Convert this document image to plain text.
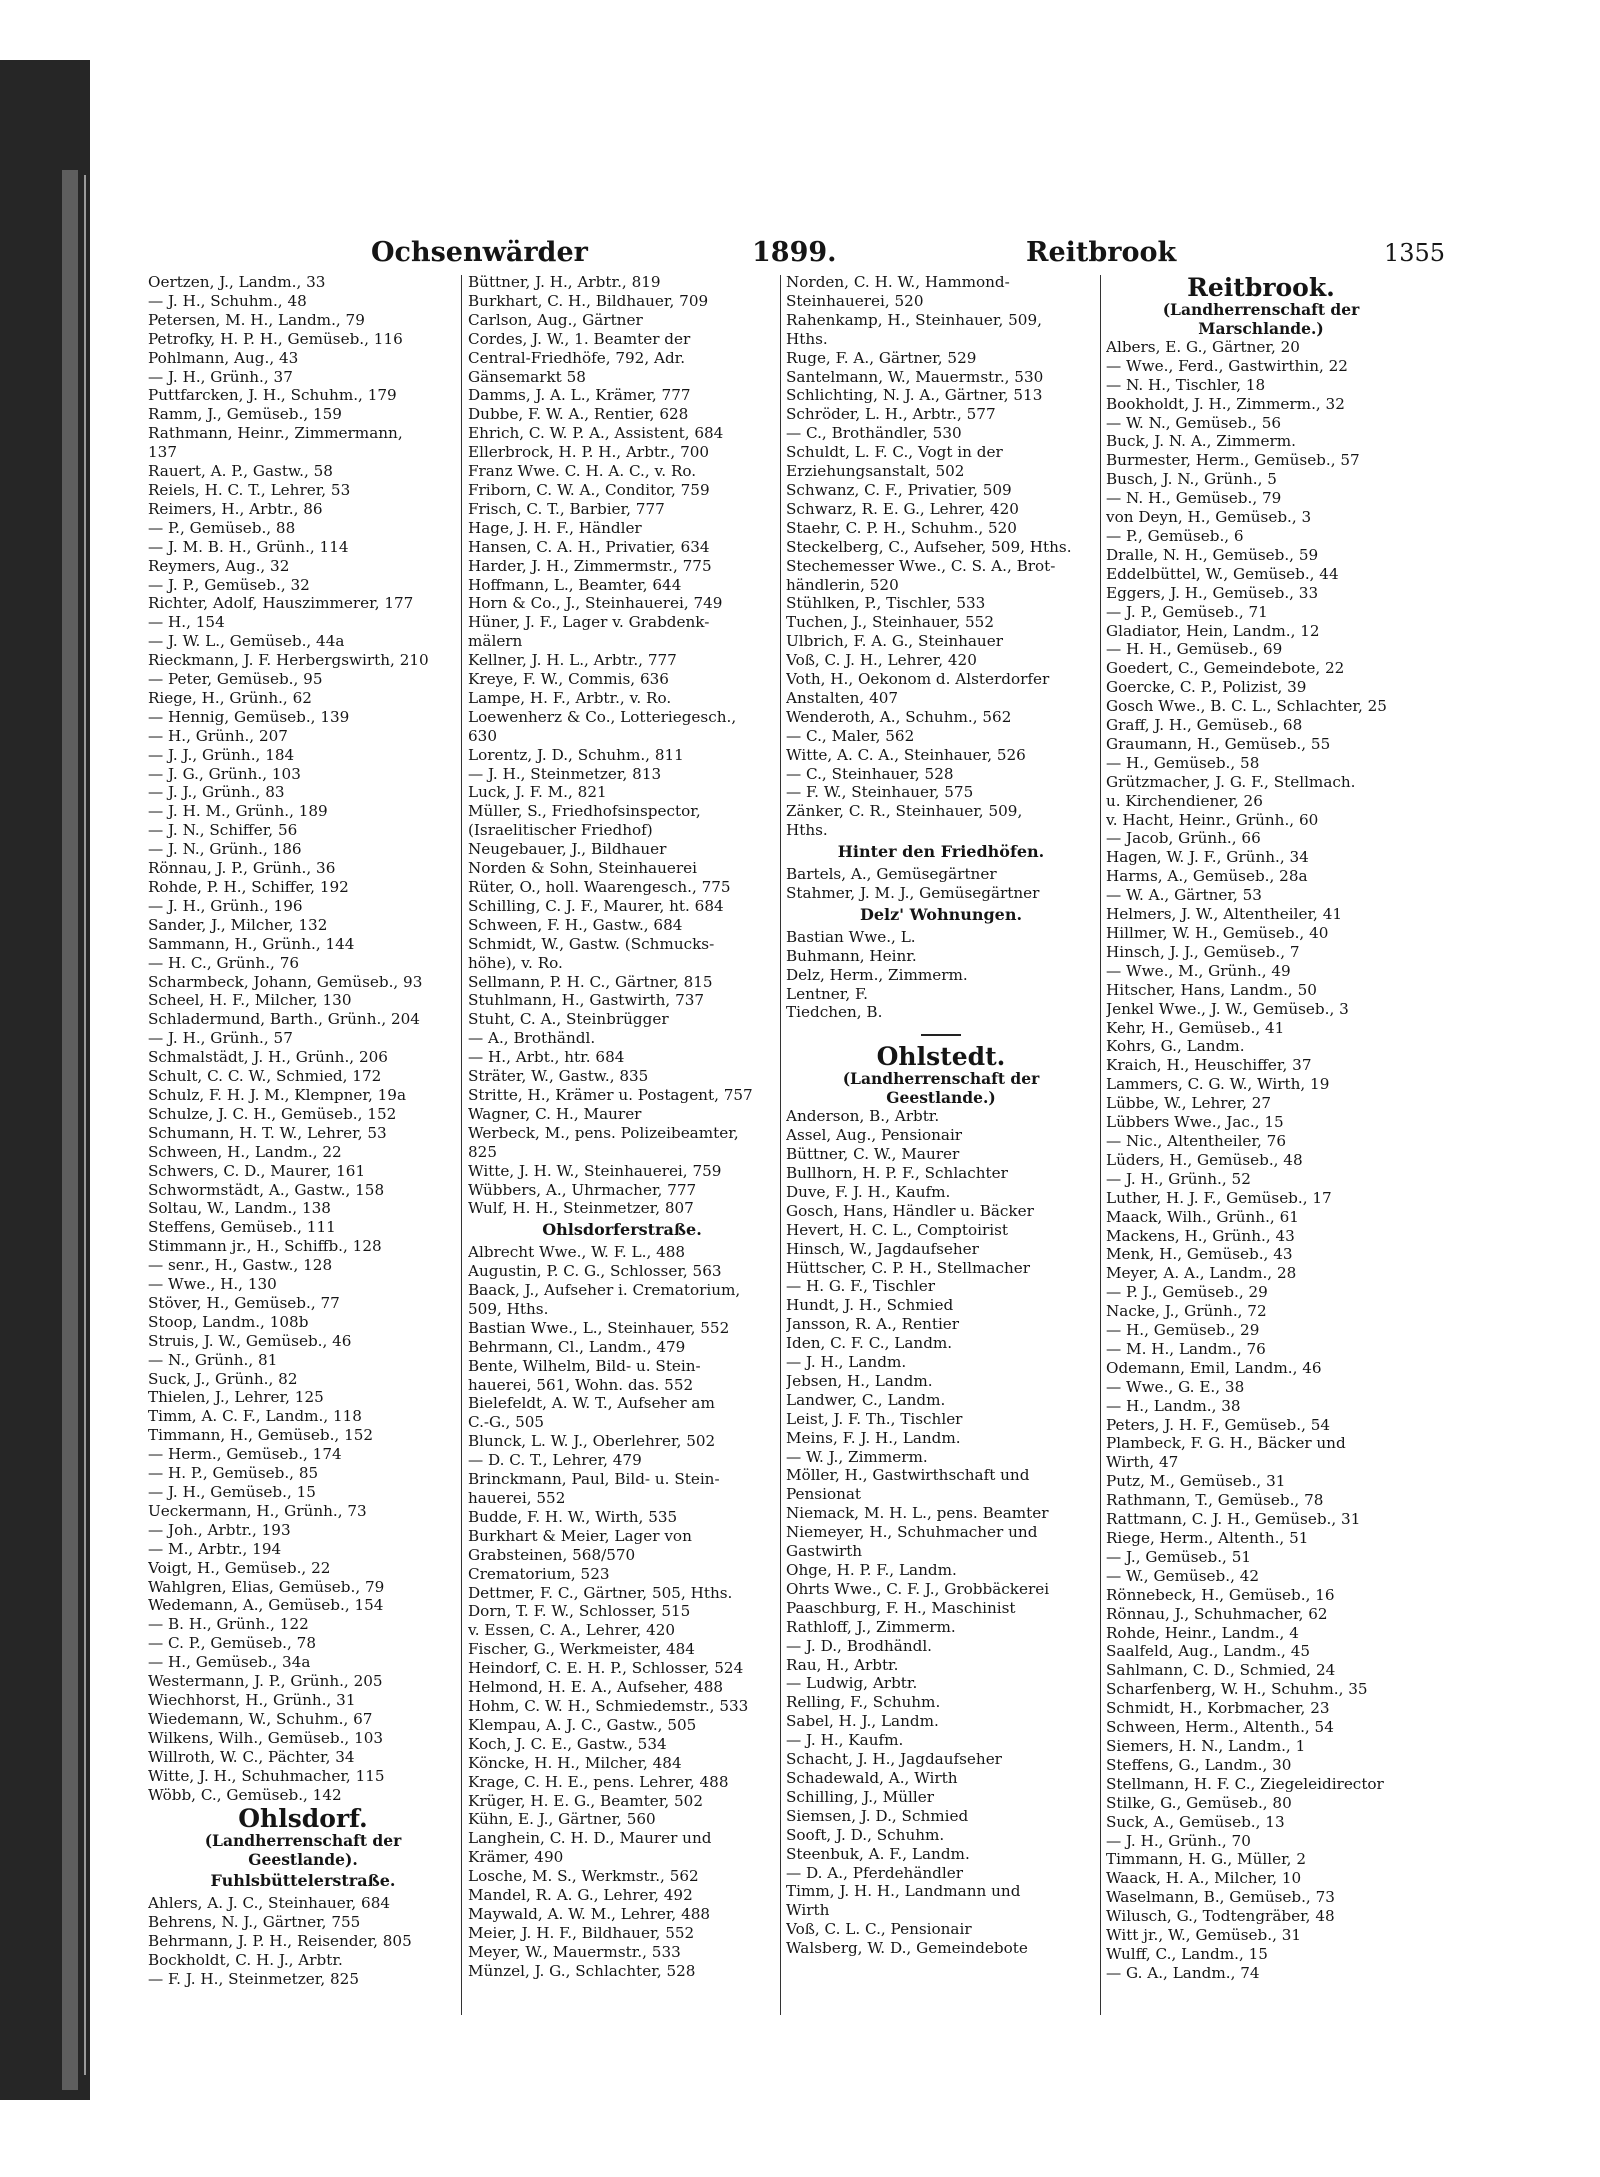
Ochsenwärder	1899.	Reitbrook	1355
Oertzen, J., Landm., 33
— J. H., Schuhm., 48
Petersen, M. H., Landm., 79
Petrofky, H. P. H., Gemüseb., 116
Pohlmann, Aug., 43
— J. H., Grünh., 37
Puttfarcken, J. H., Schuhm., 179
Ramm, J., Gemüseb., 159
Rathmann, Heinr., Zimmermann,
137
Rauert, A. P., Gastw., 58
Reiels, H. C. T., Lehrer, 53
Reimers, H., Arbtr., 86
— P., Gemüseb., 88
— J. M. B. H., Grünh., 114
Reymers, Aug., 32
— J. P., Gemüseb., 32
Richter, Adolf, Hauszimmerer, 177
— H., 154
— J. W. L., Gemüseb., 44a
Rieckmann, J. F. Herbergswirth, 210
— Peter, Gemüseb., 95
Riege, H., Grünh., 62
— Hennig, Gemüseb., 139
— H., Grünh., 207
— J. J., Grünh., 184
— J. G., Grünh., 103
— J. J., Grünh., 83
— J. H. M., Grünh., 189
— J. N., Schiffer, 56
— J. N., Grünh., 186
Rönnau, J. P., Grünh., 36
Rohde, P. H., Schiffer, 192
— J. H., Grünh., 196
Sander, J., Milcher, 132
Sammann, H., Grünh., 144
— H. C., Grünh., 76
Scharmbeck, Johann, Gemüseb., 93
Scheel, H. F., Milcher, 130
Schladermund, Barth., Grünh., 204
— J. H., Grünh., 57
Schmalstädt, J. H., Grünh., 206
Schult, C. C. W., Schmied, 172
Schulz, F. H. J. M., Klempner, 19a
Schulze, J. C. H., Gemüseb., 152
Schumann, H. T. W., Lehrer, 53
Schween, H., Landm., 22
Schwers, C. D., Maurer, 161
Schwormstädt, A., Gastw., 158
Soltau, W., Landm., 138
Steffens, Gemüseb., 111
Stimmann jr., H., Schiffb., 128
— senr., H., Gastw., 128
— Wwe., H., 130
Stöver, H., Gemüseb., 77
Stoop, Landm., 108b
Struis, J. W., Gemüseb., 46
— N., Grünh., 81
Suck, J., Grünh., 82
Thielen, J., Lehrer, 125
Timm, A. C. F., Landm., 118
Timmann, H., Gemüseb., 152
— Herm., Gemüseb., 174
— H. P., Gemüseb., 85
— J. H., Gemüseb., 15
Ueckermann, H., Grünh., 73
— Joh., Arbtr., 193
— M., Arbtr., 194
Voigt, H., Gemüseb., 22
Wahlgren, Elias, Gemüseb., 79
Wedemann, A., Gemüseb., 154
— B. H., Grünh., 122
— C. P., Gemüseb., 78
— H., Gemüseb., 34a
Westermann, J. P., Grünh., 205
Wiechhorst, H., Grünh., 31
Wiedemann, W., Schuhm., 67
Wilkens, Wilh., Gemüseb., 103
Willroth, W. C., Pächter, 34
Witte, J. H., Schuhmacher, 115
Wöbb, C., Gemüseb., 142
Ohlsdorf.
(Landherrenschaft der
Geestlande).
Fuhlsbüttelerstraße.
Ahlers, A. J. C., Steinhauer, 684
Behrens, N. J., Gärtner, 755
Behrmann, J. P. H., Reisender, 805
Bockholdt, C. H. J., Arbtr.
— F. J. H., Steinmetzer, 825
Büttner, J. H., Arbtr., 819
Burkhart, C. H., Bildhauer, 709
Carlson, Aug., Gärtner
Cordes, J. W., 1. Beamter der
Central-Friedhöfe, 792, Adr.
Gänsemarkt 58
Damms, J. A. L., Krämer, 777
Dubbe, F. W. A., Rentier, 628
Ehrich, C. W. P. A., Assistent, 684
Ellerbrock, H. P. H., Arbtr., 700
Franz Wwe. C. H. A. C., v. Ro.
Friborn, C. W. A., Conditor, 759
Frisch, C. T., Barbier, 777
Hage, J. H. F., Händler
Hansen, C. A. H., Privatier, 634
Harder, J. H., Zimmermstr., 775
Hoffmann, L., Beamter, 644
Horn & Co., J., Steinhauerei, 749
Hüner, J. F., Lager v. Grabdenk-
mälern
Kellner, J. H. L., Arbtr., 777
Kreye, F. W., Commis, 636
Lampe, H. F., Arbtr., v. Ro.
Loewenherz & Co., Lotteriegesch.,
630
Lorentz, J. D., Schuhm., 811
— J. H., Steinmetzer, 813
Luck, J. F. M., 821
Müller, S., Friedhofsinspector,
(Israelitischer Friedhof)
Neugebauer, J., Bildhauer
Norden & Sohn, Steinhauerei
Rüter, O., holl. Waarengesch., 775
Schilling, C. J. F., Maurer, ht. 684
Schween, F. H., Gastw., 684
Schmidt, W., Gastw. (Schmucks-
höhe), v. Ro.
Sellmann, P. H. C., Gärtner, 815
Stuhlmann, H., Gastwirth, 737
Stuht, C. A., Steinbrügger
— A., Brothändl.
— H., Arbt., htr. 684
Sträter, W., Gastw., 835
Stritte, H., Krämer u. Postagent, 757
Wagner, C. H., Maurer
Werbeck, M., pens. Polizeibeamter,
825
Witte, J. H. W., Steinhauerei, 759
Wübbers, A., Uhrmacher, 777
Wulf, H. H., Steinmetzer, 807
Ohlsdorferstraße.
Albrecht Wwe., W. F. L., 488
Augustin, P. C. G., Schlosser, 563
Baack, J., Aufseher i. Crematorium,
509, Hths.
Bastian Wwe., L., Steinhauer, 552
Behrmann, Cl., Landm., 479
Bente, Wilhelm, Bild- u. Stein-
hauerei, 561, Wohn. das. 552
Bielefeldt, A. W. T., Aufseher am
C.-G., 505
Blunck, L. W. J., Oberlehrer, 502
— D. C. T., Lehrer, 479
Brinckmann, Paul, Bild- u. Stein-
hauerei, 552
Budde, F. H. W., Wirth, 535
Burkhart & Meier, Lager von
Grabsteinen, 568/570
Crematorium, 523
Dettmer, F. C., Gärtner, 505, Hths.
Dorn, T. F. W., Schlosser, 515
v. Essen, C. A., Lehrer, 420
Fischer, G., Werkmeister, 484
Heindorf, C. E. H. P., Schlosser, 524
Helmond, H. E. A., Aufseher, 488
Hohm, C. W. H., Schmiedemstr., 533
Klempau, A. J. C., Gastw., 505
Koch, J. C. E., Gastw., 534
Köncke, H. H., Milcher, 484
Krage, C. H. E., pens. Lehrer, 488
Krüger, H. E. G., Beamter, 502
Kühn, E. J., Gärtner, 560
Langhein, C. H. D., Maurer und
Krämer, 490
Losche, M. S., Werkmstr., 562
Mandel, R. A. G., Lehrer, 492
Maywald, A. W. M., Lehrer, 488
Meier, J. H. F., Bildhauer, 552
Meyer, W., Mauermstr., 533
Münzel, J. G., Schlachter, 528
Norden, C. H. W., Hammond-
Steinhauerei, 520
Rahenkamp, H., Steinhauer, 509,
Hths.
Ruge, F. A., Gärtner, 529
Santelmann, W., Mauermstr., 530
Schlichting, N. J. A., Gärtner, 513
Schröder, L. H., Arbtr., 577
— C., Brothändler, 530
Schuldt, L. F. C., Vogt in der
Erziehungsanstalt, 502
Schwanz, C. F., Privatier, 509
Schwarz, R. E. G., Lehrer, 420
Staehr, C. P. H., Schuhm., 520
Steckelberg, C., Aufseher, 509, Hths.
Stechemesser Wwe., C. S. A., Brot-
händlerin, 520
Stühlken, P., Tischler, 533
Tuchen, J., Steinhauer, 552
Ulbrich, F. A. G., Steinhauer
Voß, C. J. H., Lehrer, 420
Voth, H., Oekonom d. Alsterdorfer
Anstalten, 407
Wenderoth, A., Schuhm., 562
— C., Maler, 562
Witte, A. C. A., Steinhauer, 526
— C., Steinhauer, 528
— F. W., Steinhauer, 575
Zänker, C. R., Steinhauer, 509,
Hths.
Hinter den Friedhöfen.
Bartels, A., Gemüsegärtner
Stahmer, J. M. J., Gemüsegärtner
Delz' Wohnungen.
Bastian Wwe., L.
Buhmann, Heinr.
Delz, Herm., Zimmerm.
Lentner, F.
Tiedchen, B.
Ohlstedt.
(Landherrenschaft der
Geestlande.)
Anderson, B., Arbtr.
Assel, Aug., Pensionair
Büttner, C. W., Maurer
Bullhorn, H. P. F., Schlachter
Duve, F. J. H., Kaufm.
Gosch, Hans, Händler u. Bäcker
Hevert, H. C. L., Comptoirist
Hinsch, W., Jagdaufseher
Hüttscher, C. P. H., Stellmacher
— H. G. F., Tischler
Hundt, J. H., Schmied
Jansson, R. A., Rentier
Iden, C. F. C., Landm.
— J. H., Landm.
Jebsen, H., Landm.
Landwer, C., Landm.
Leist, J. F. Th., Tischler
Meins, F. J. H., Landm.
— W. J., Zimmerm.
Möller, H., Gastwirthschaft und
Pensionat
Niemack, M. H. L., pens. Beamter
Niemeyer, H., Schuhmacher und
Gastwirth
Ohge, H. P. F., Landm.
Ohrts Wwe., C. F. J., Grobbäckerei
Paaschburg, F. H., Maschinist
Rathloff, J., Zimmerm.
— J. D., Brodhändl.
Rau, H., Arbtr.
— Ludwig, Arbtr.
Relling, F., Schuhm.
Sabel, H. J., Landm.
— J. H., Kaufm.
Schacht, J. H., Jagdaufseher
Schadewald, A., Wirth
Schilling, J., Müller
Siemsen, J. D., Schmied
Sooft, J. D., Schuhm.
Steenbuk, A. F., Landm.
— D. A., Pferdehändler
Timm, J. H. H., Landmann und
Wirth
Voß, C. L. C., Pensionair
Walsberg, W. D., Gemeindebote
Reitbrook.
(Landherrenschaft der
Marschlande.)
Albers, E. G., Gärtner, 20
— Wwe., Ferd., Gastwirthin, 22
— N. H., Tischler, 18
Bookholdt, J. H., Zimmerm., 32
— W. N., Gemüseb., 56
Buck, J. N. A., Zimmerm.
Burmester, Herm., Gemüseb., 57
Busch, J. N., Grünh., 5
— N. H., Gemüseb., 79
von Deyn, H., Gemüseb., 3
— P., Gemüseb., 6
Dralle, N. H., Gemüseb., 59
Eddelbüttel, W., Gemüseb., 44
Eggers, J. H., Gemüseb., 33
— J. P., Gemüseb., 71
Gladiator, Hein, Landm., 12
— H. H., Gemüseb., 69
Goedert, C., Gemeindebote, 22
Goercke, C. P., Polizist, 39
Gosch Wwe., B. C. L., Schlachter, 25
Graff, J. H., Gemüseb., 68
Graumann, H., Gemüseb., 55
— H., Gemüseb., 58
Grützmacher, J. G. F., Stellmach.
u. Kirchendiener, 26
v. Hacht, Heinr., Grünh., 60
— Jacob, Grünh., 66
Hagen, W. J. F., Grünh., 34
Harms, A., Gemüseb., 28a
— W. A., Gärtner, 53
Helmers, J. W., Altentheiler, 41
Hillmer, W. H., Gemüseb., 40
Hinsch, J. J., Gemüseb., 7
— Wwe., M., Grünh., 49
Hitscher, Hans, Landm., 50
Jenkel Wwe., J. W., Gemüseb., 3
Kehr, H., Gemüseb., 41
Kohrs, G., Landm.
Kraich, H., Heuschiffer, 37
Lammers, C. G. W., Wirth, 19
Lübbe, W., Lehrer, 27
Lübbers Wwe., Jac., 15
— Nic., Altentheiler, 76
Lüders, H., Gemüseb., 48
— J. H., Grünh., 52
Luther, H. J. F., Gemüseb., 17
Maack, Wilh., Grünh., 61
Mackens, H., Grünh., 43
Menk, H., Gemüseb., 43
Meyer, A. A., Landm., 28
— P. J., Gemüseb., 29
Nacke, J., Grünh., 72
— H., Gemüseb., 29
— M. H., Landm., 76
Odemann, Emil, Landm., 46
— Wwe., G. E., 38
— H., Landm., 38
Peters, J. H. F., Gemüseb., 54
Plambeck, F. G. H., Bäcker und
Wirth, 47
Putz, M., Gemüseb., 31
Rathmann, T., Gemüseb., 78
Rattmann, C. J. H., Gemüseb., 31
Riege, Herm., Altenth., 51
— J., Gemüseb., 51
— W., Gemüseb., 42
Rönnebeck, H., Gemüseb., 16
Rönnau, J., Schuhmacher, 62
Rohde, Heinr., Landm., 4
Saalfeld, Aug., Landm., 45
Sahlmann, C. D., Schmied, 24
Scharfenberg, W. H., Schuhm., 35
Schmidt, H., Korbmacher, 23
Schween, Herm., Altenth., 54
Siemers, H. N., Landm., 1
Steffens, G., Landm., 30
Stellmann, H. F. C., Ziegeleidirector
Stilke, G., Gemüseb., 80
Suck, A., Gemüseb., 13
— J. H., Grünh., 70
Timmann, H. G., Müller, 2
Waack, H. A., Milcher, 10
Waselmann, B., Gemüseb., 73
Wilusch, G., Todtengräber, 48
Witt jr., W., Gemüseb., 31
Wulff, C., Landm., 15
— G. A., Landm., 74
